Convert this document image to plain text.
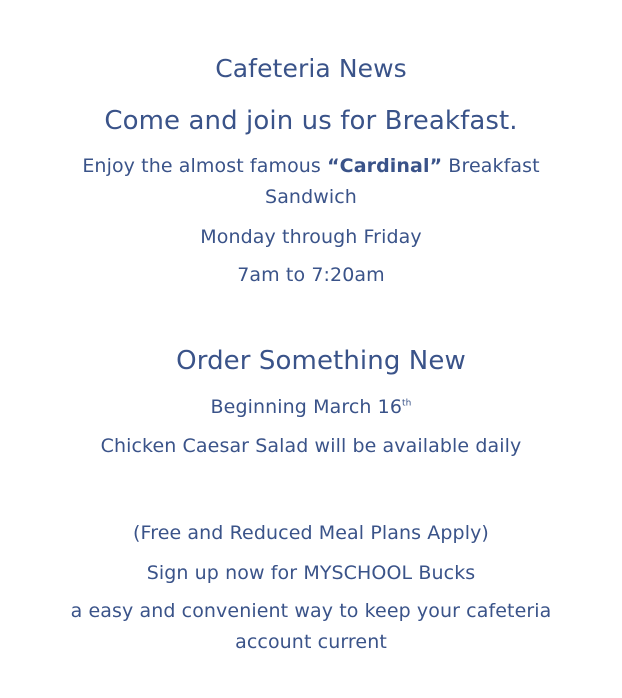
Cafeteria News
Come and join us for Breakfast.
Enjoy the almost famous “Cardinal” Breakfast
Sandwich
Monday through Friday
7am to 7:20am
Order Something New
Beginning March 16th
Chicken Caesar Salad will be available daily
(Free and Reduced Meal Plans Apply)
Sign up now for MYSCHOOL Bucks
a easy and convenient way to keep your cafeteria
account current
